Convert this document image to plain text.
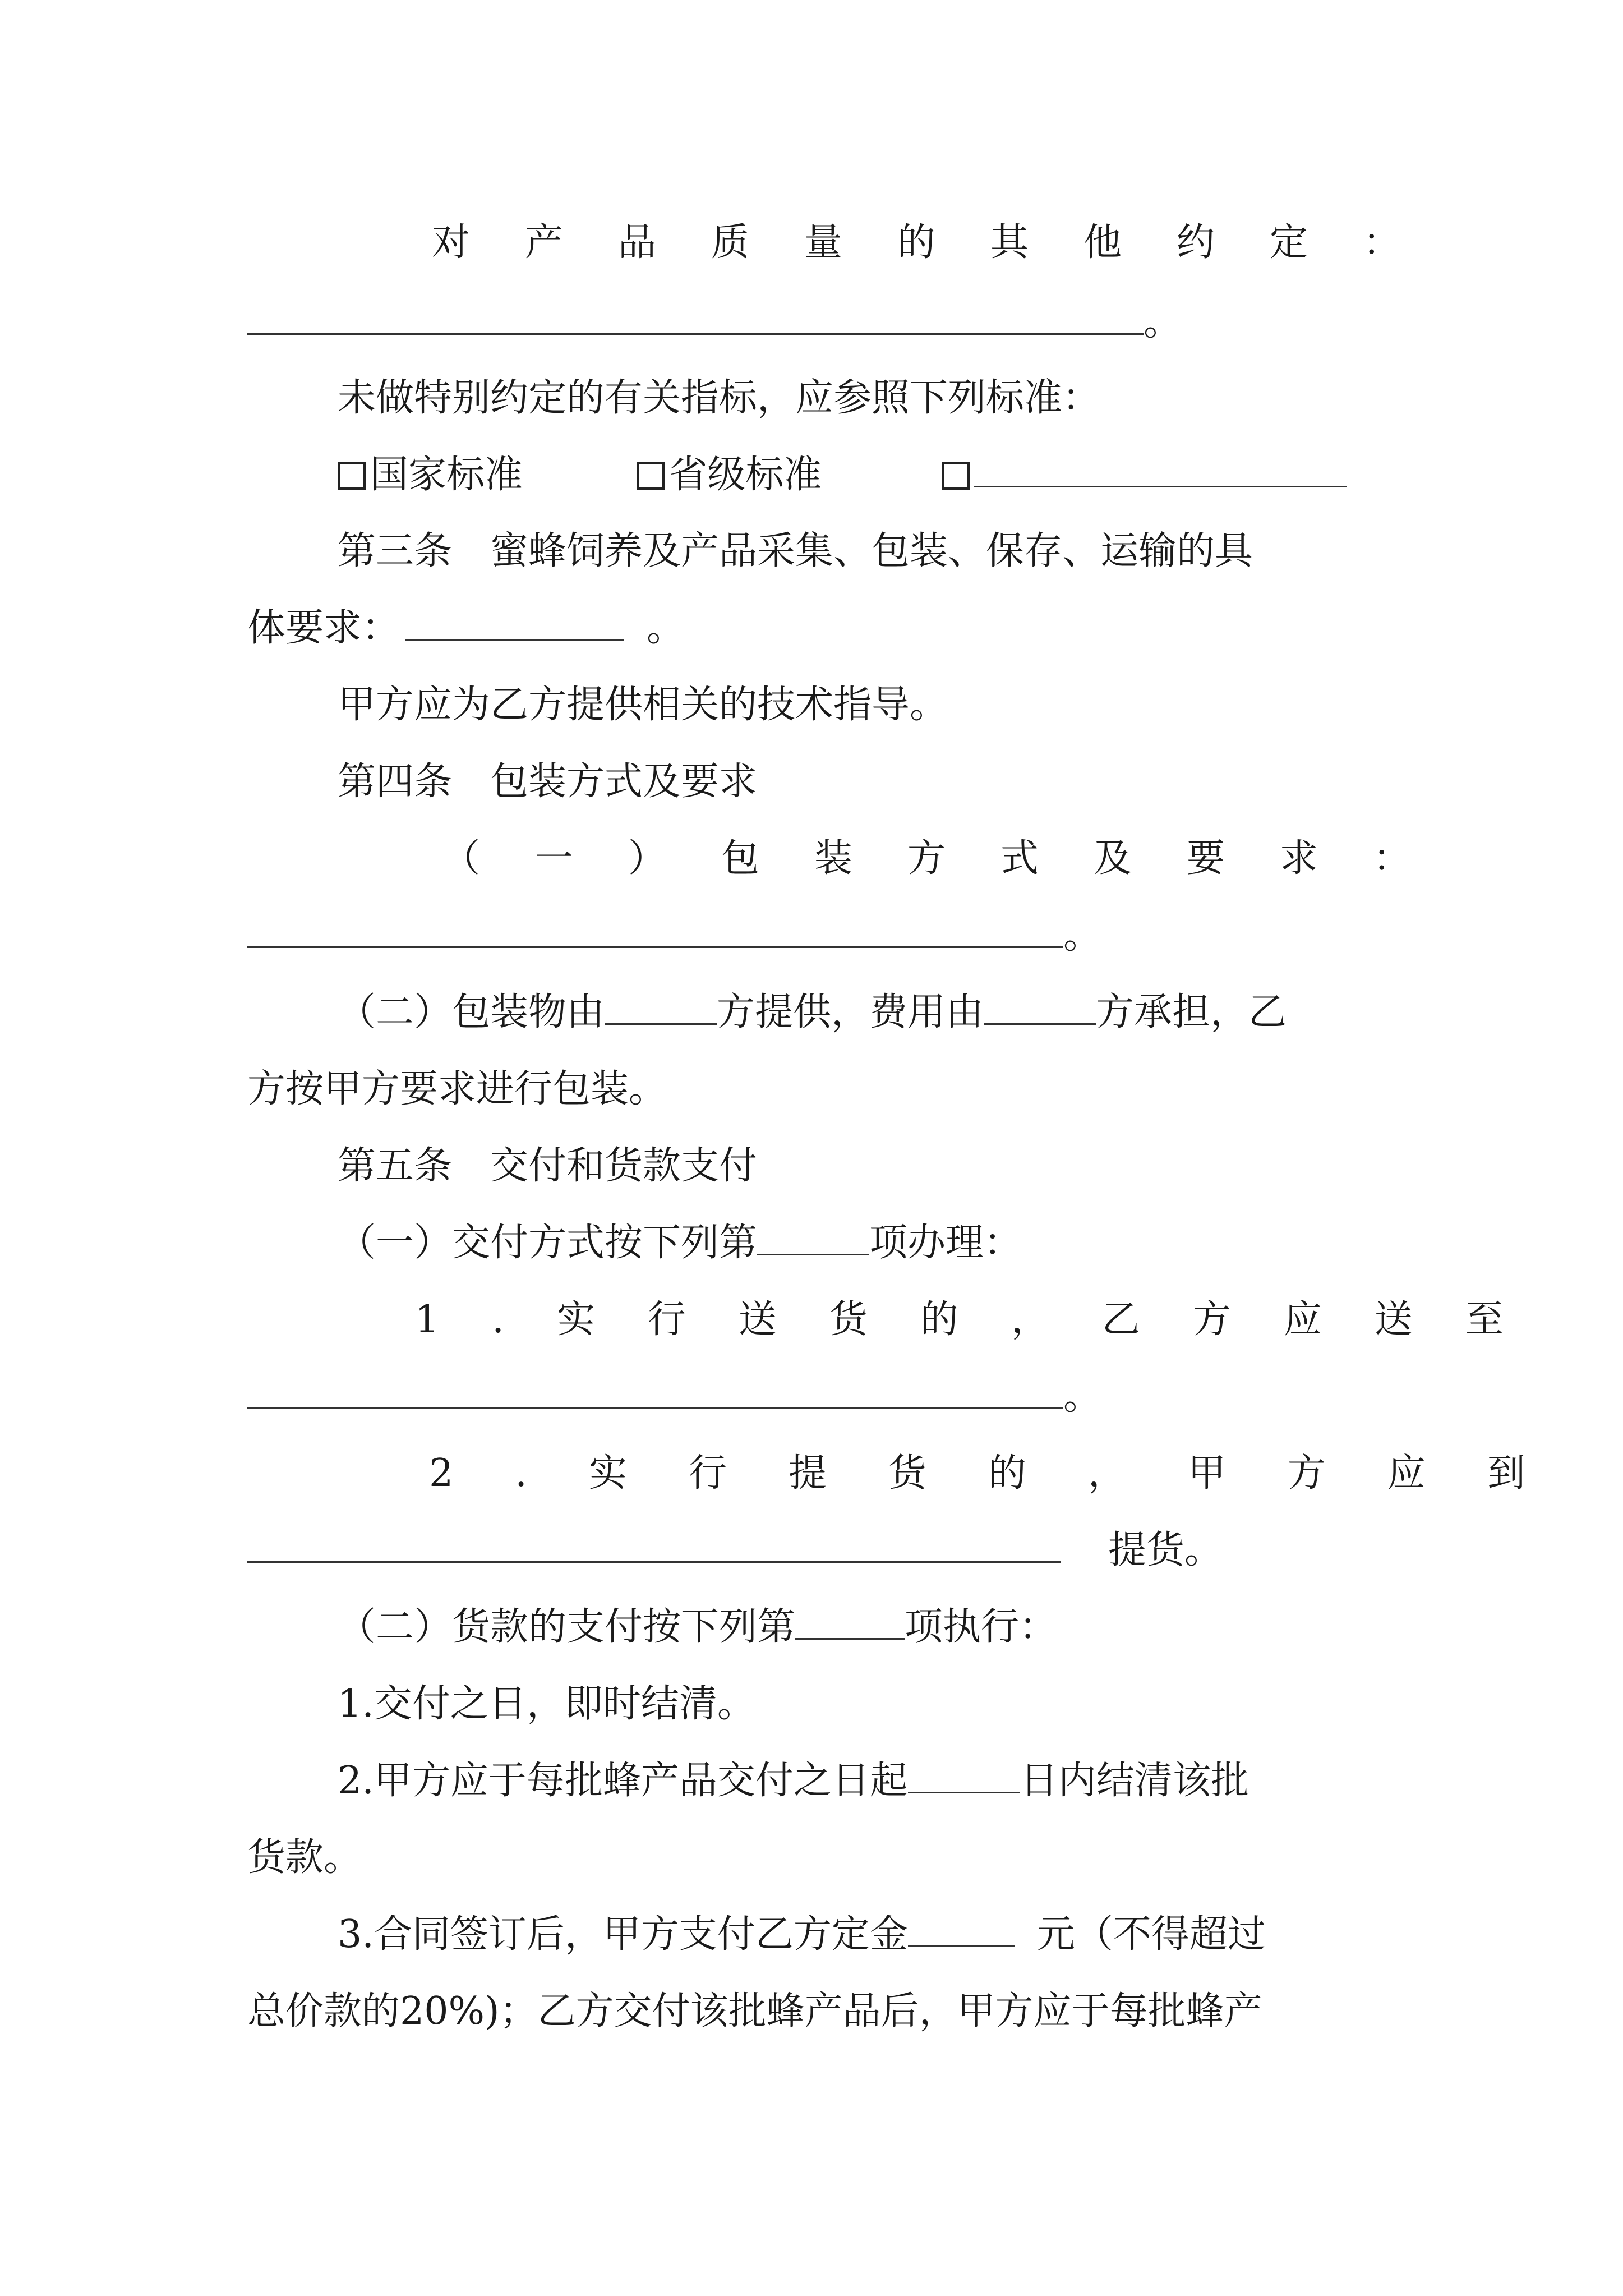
对产品质量的其他约定：
。
未做特别约定的有关指标，应参照下列标准：
国家标准	省级标准
第三条　蜜蜂饲养及产品采集、包装、保存、运输的具
体要求：	。
甲方应为乙方提供相关的技术指导。
第四条　包装方式及要求
（一）包装方式及要求：
。
（二）包装物由	方提供，费用由	方承担，乙
方按甲方要求进行包装。
第五条　交付和货款支付
（一）交付方式按下列第	项办理：
1.实行送货的，乙方应送至
。
2.实行提货的，甲方应到
提货。
（二）货款的支付按下列第	项执行：
1.交付之日，即时结清。
2.甲方应于每批蜂产品交付之日起	日内结清该批
货款。
3.合同签订后，甲方支付乙方定金	元（不得超过
总价款的20%)；乙方交付该批蜂产品后，甲方应于每批蜂产
